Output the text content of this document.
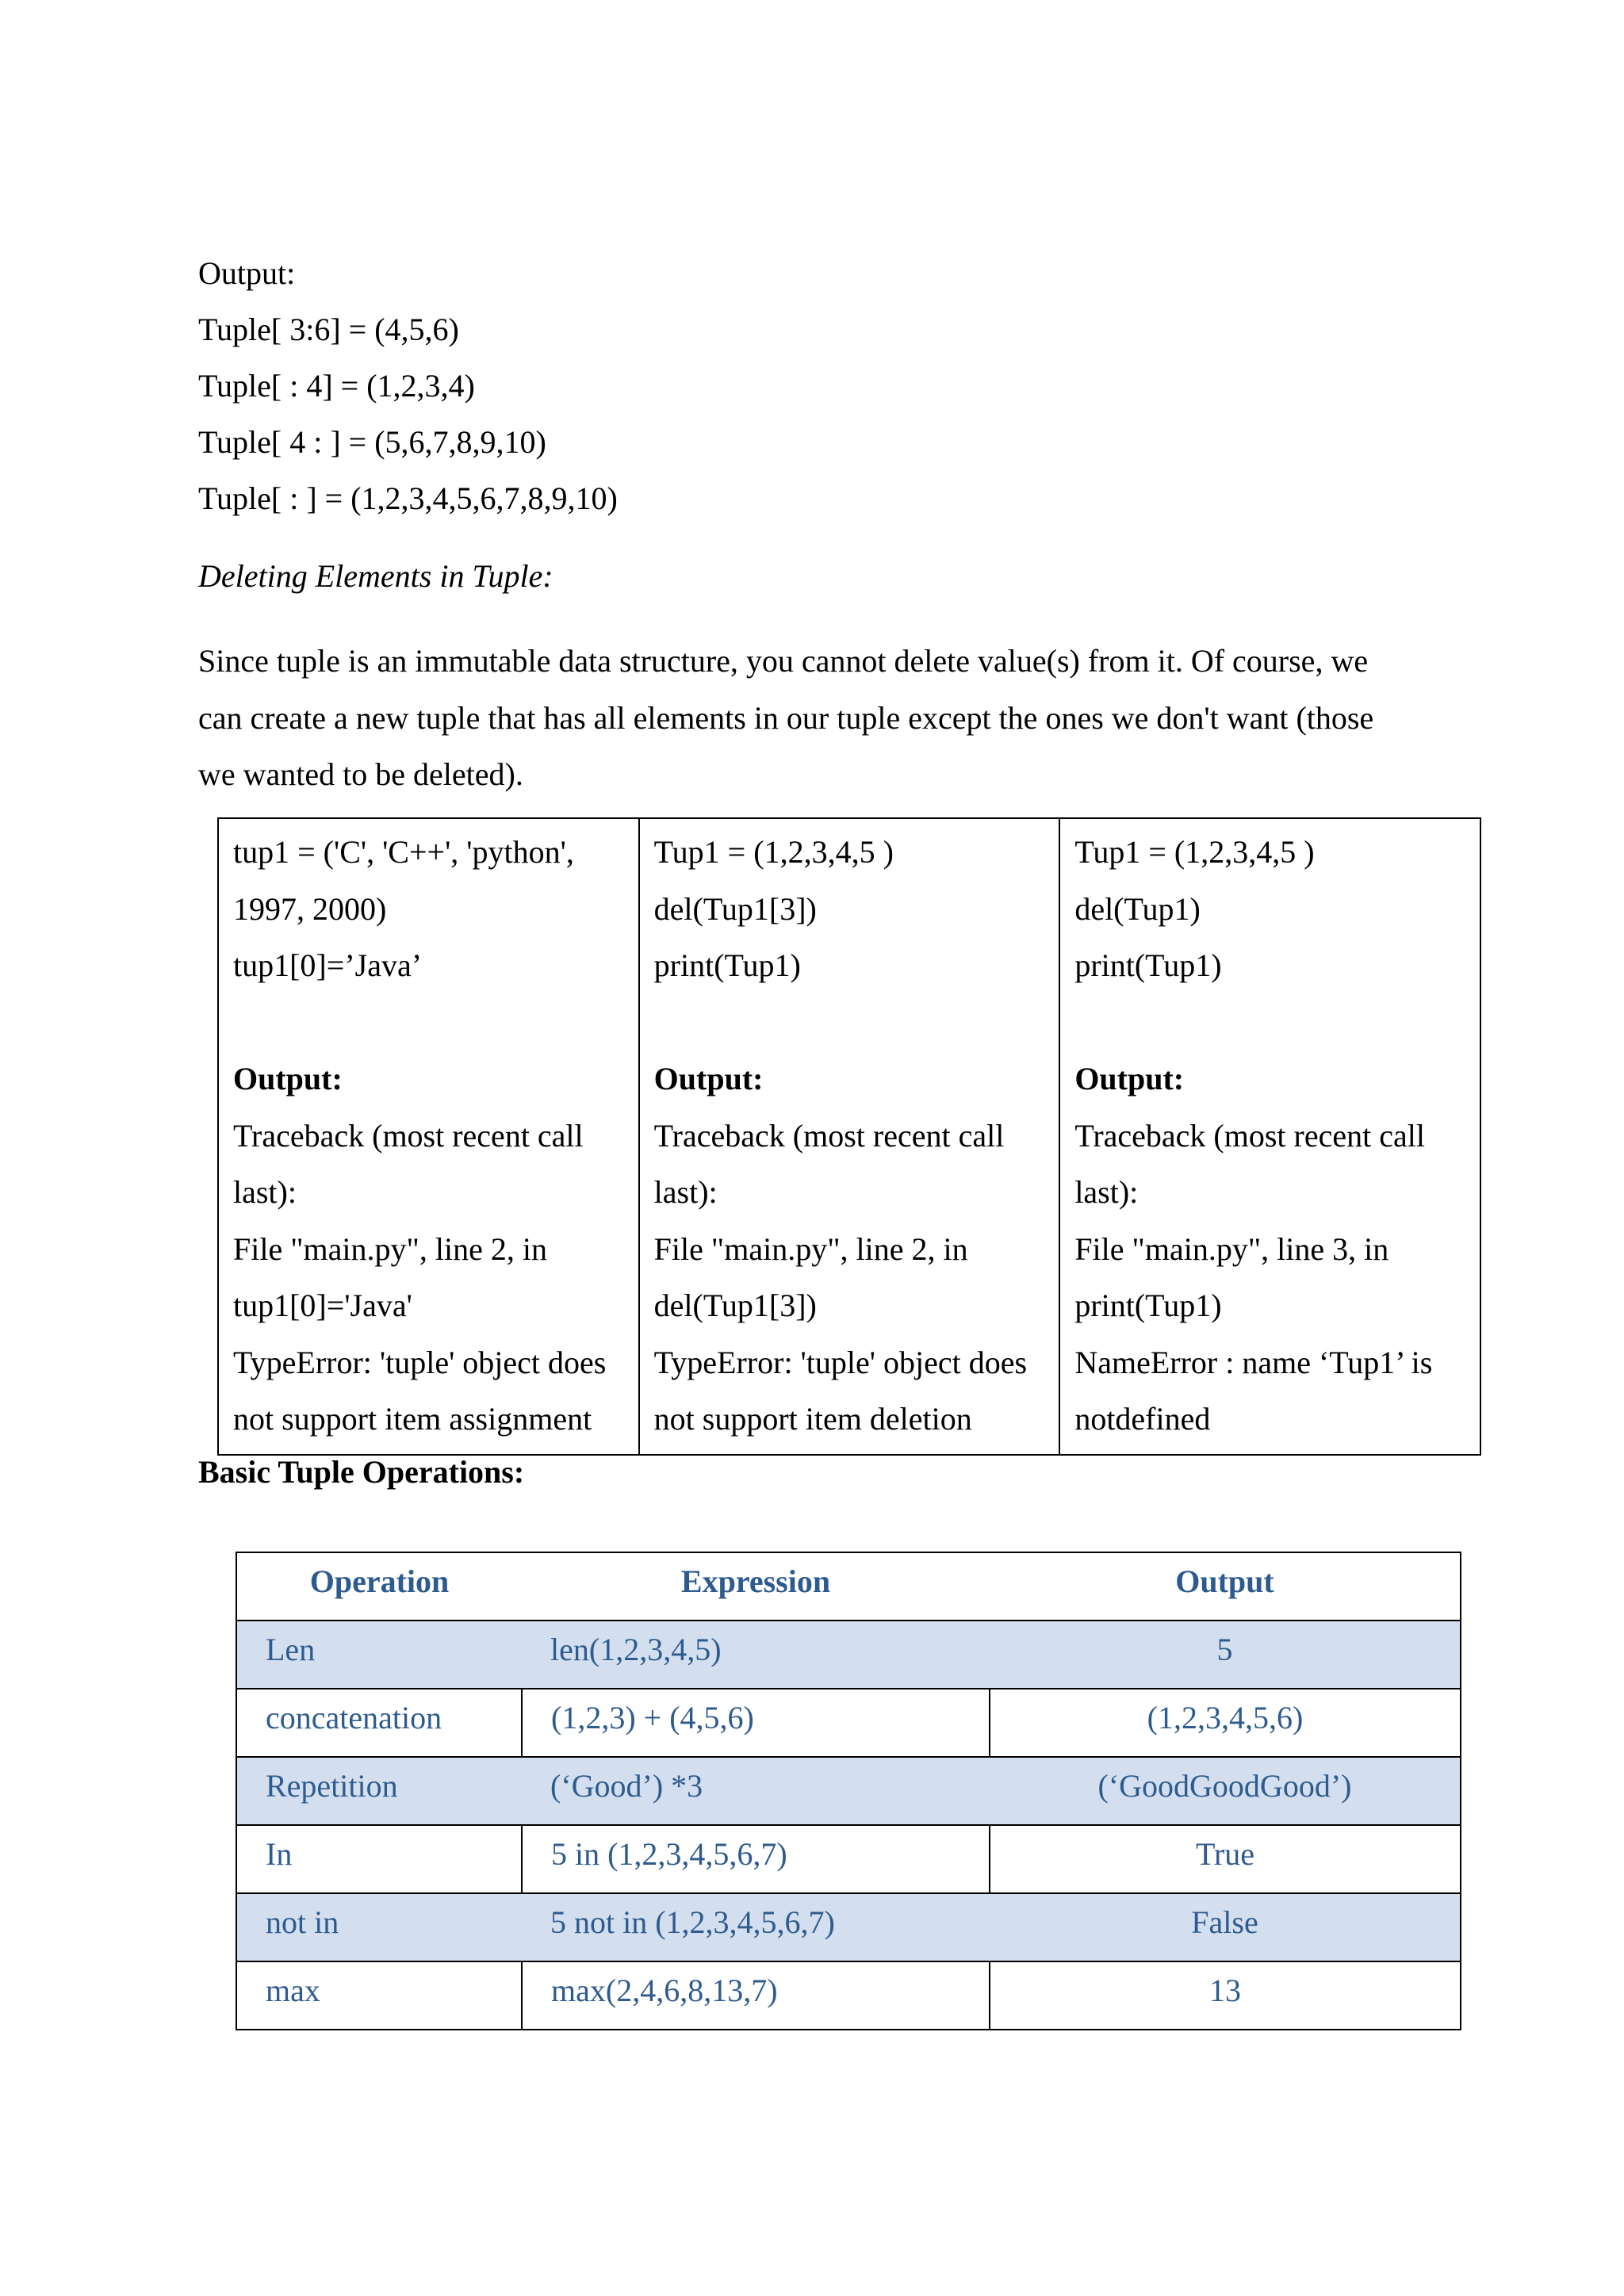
Output:
Tuple[ 3:6] = (4,5,6)
Tuple[ : 4] = (1,2,3,4)
Tuple[ 4 : ] = (5,6,7,8,9,10)
Tuple[ : ] = (1,2,3,4,5,6,7,8,9,10)
Deleting Elements in Tuple:
Since tuple is an immutable data structure, you cannot delete value(s) from it. Of course, we
can create a new tuple that has all elements in our tuple except the ones we don't want (those
we wanted to be deleted).
tup1 = ('C', 'C++', 'python',
1997, 2000)
tup1[0]=’Java’
Output:
Traceback (most recent call
last):
File "main.py", line 2, in
tup1[0]='Java'
TypeError: 'tuple' object does
not support item assignment

Tup1 = (1,2,3,4,5 )
del(Tup1[3])
print(Tup1)
Output:
Traceback (most recent call
last):
File "main.py", line 2, in
del(Tup1[3])
TypeError: 'tuple' object does
not support item deletion

Tup1 = (1,2,3,4,5 )
del(Tup1)
print(Tup1)
Output:
Traceback (most recent call
last):
File "main.py", line 3, in
print(Tup1)
NameError : name ‘Tup1’ is
notdefined
Basic Tuple Operations:
Operation	Expression	Output
Len	len(1,2,3,4,5)	5
concatenation	(1,2,3) + (4,5,6)	(1,2,3,4,5,6)
Repetition	(‘Good’) *3	(‘GoodGoodGood’)
In	5 in (1,2,3,4,5,6,7)	True
not in	5 not in (1,2,3,4,5,6,7)	False
max	max(2,4,6,8,13,7)	13
